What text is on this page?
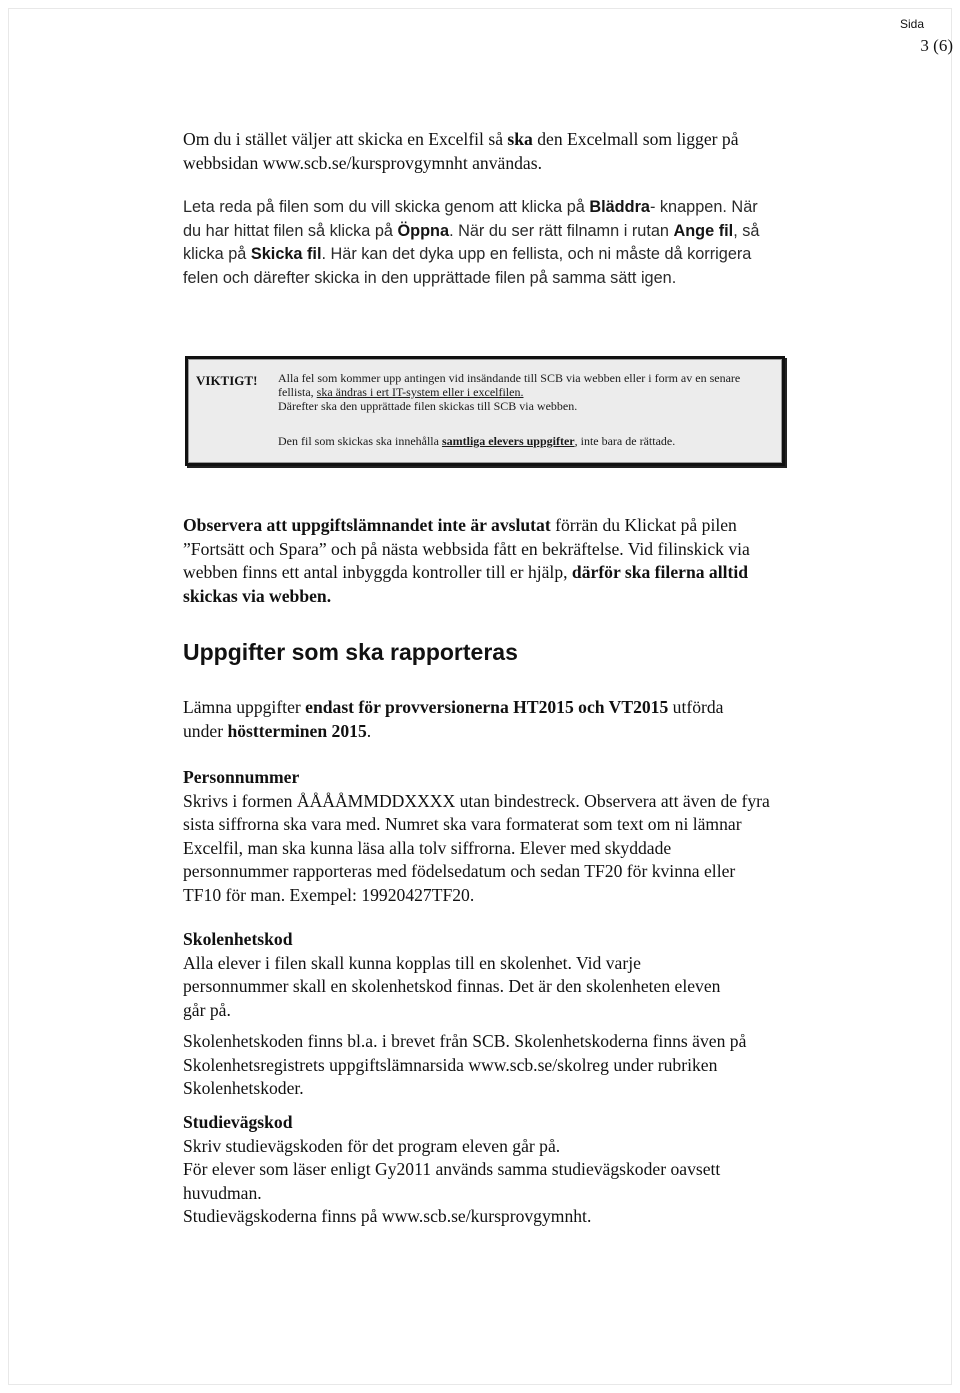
Sida
3 (6)

Om du i stället väljer att skicka en Excelfil så ska den Excelmall som ligger på webbsidan www.scb.se/kursprovgymnht användas.

Leta reda på filen som du vill skicka genom att klicka på Bläddra- knappen. När du har hittat filen så klicka på Öppna. När du ser rätt filnamn i rutan Ange fil, så klicka på Skicka fil. Här kan det dyka upp en fellista, och ni måste då korrigera felen och därefter skicka in den upprättade filen på samma sätt igen.

VIKTIGT! Alla fel som kommer upp antingen vid insändande till SCB via webben eller i form av en senare
fellista, ska ändras i ert IT-system eller i excelfilen.
Därefter ska den upprättade filen skickas till SCB via webben.
Den fil som skickas ska innehålla samtliga elevers uppgifter, inte bara de rättade.

Observera att uppgiftslämnandet inte är avslutat förrän du Klickat på pilen ”Fortsätt och Spara” och på nästa webbsida fått en bekräftelse. Vid filinskick via webben finns ett antal inbyggda kontroller till er hjälp, därför ska filerna alltid skickas via webben.

Uppgifter som ska rapporteras

Lämna uppgifter endast för provversionerna HT2015 och VT2015 utförda under höstterminen 2015.

Personnummer
Skrivs i formen ÅÅÅÅMMDDXXXX utan bindestreck. Observera att även de fyra sista siffrorna ska vara med. Numret ska vara formaterat som text om ni lämnar Excelfil, man ska kunna läsa alla tolv siffrorna. Elever med skyddade personnummer rapporteras med födelsedatum och sedan TF20 för kvinna eller TF10 för man. Exempel: 19920427TF20.

Skolenhetskod
Alla elever i filen skall kunna kopplas till en skolenhet. Vid varje personnummer skall en skolenhetskod finnas. Det är den skolenheten eleven går på.

Skolenhetskoden finns bl.a. i brevet från SCB. Skolenhetskoderna finns även på Skolenhetsregistrets uppgiftslämnarsida www.scb.se/skolreg under rubriken Skolenhetskoder.

Studievägskod
Skriv studievägskoden för det program eleven går på.
För elever som läser enligt Gy2011 används samma studievägskoder oavsett huvudman.
Studievägskoderna finns på www.scb.se/kursprovgymnht.
